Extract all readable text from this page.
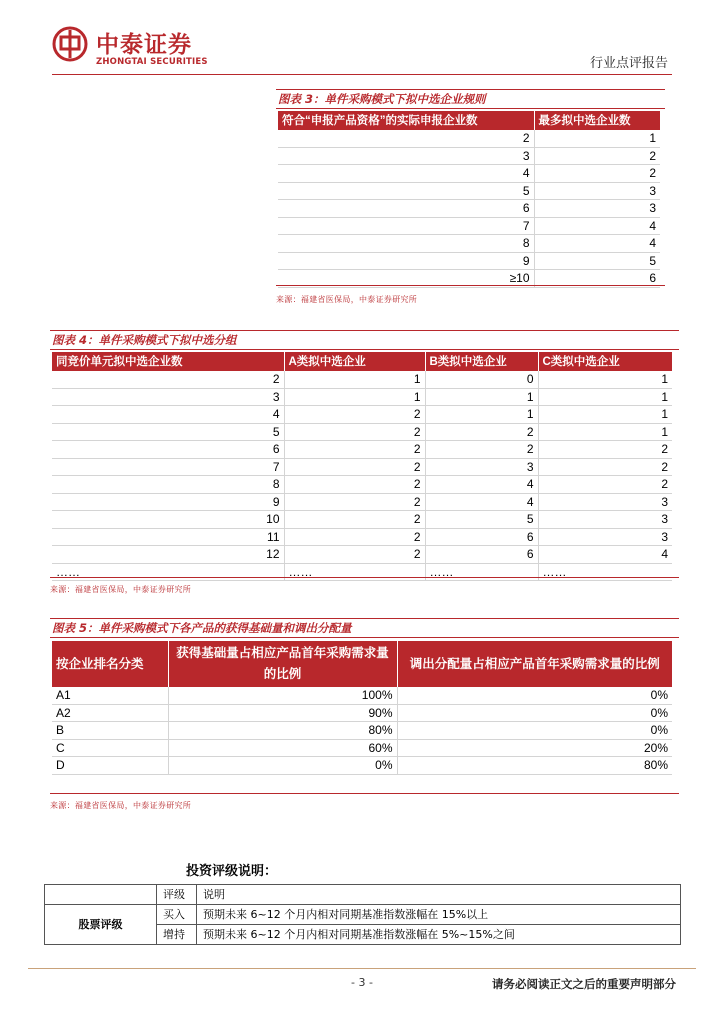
中泰证券
ZHONGTAI SECURITIES	行业点评报告
图表 3：单件采购模式下拟中选企业规则
符合“申报产品资格”的实际申报企业数	最多拟中选企业数
2	1
3	2
4	2
5	3
6	3
7	4
8	4
9	5
≥10	6
来源：福建省医保局，中泰证券研究所
图表 4：单件采购模式下拟中选分组
同竞价单元拟中选企业数	A类拟中选企业	B类拟中选企业	C类拟中选企业
2	1	0	1
3	1	1	1
4	2	1	1
5	2	2	1
6	2	2	2
7	2	3	2
8	2	4	2
9	2	4	3
10	2	5	3
11	2	6	3
12	2	6	4
……	……	……	……
来源：福建省医保局，中泰证券研究所
图表 5：单件采购模式下各产品的获得基础量和调出分配量
按企业排名分类	获得基础量占相应产品首年采购需求量的比例	调出分配量占相应产品首年采购需求量的比例
A1	100%	0%
A2	90%	0%
B	80%	0%
C	60%	20%
D	0%	80%
来源：福建省医保局，中泰证券研究所
投资评级说明：
	评级	说明
股票评级	买入	预期未来 6~12 个月内相对同期基准指数涨幅在 15%以上
	增持	预期未来 6~12 个月内相对同期基准指数涨幅在 5%~15%之间
- 3 -	请务必阅读正文之后的重要声明部分
